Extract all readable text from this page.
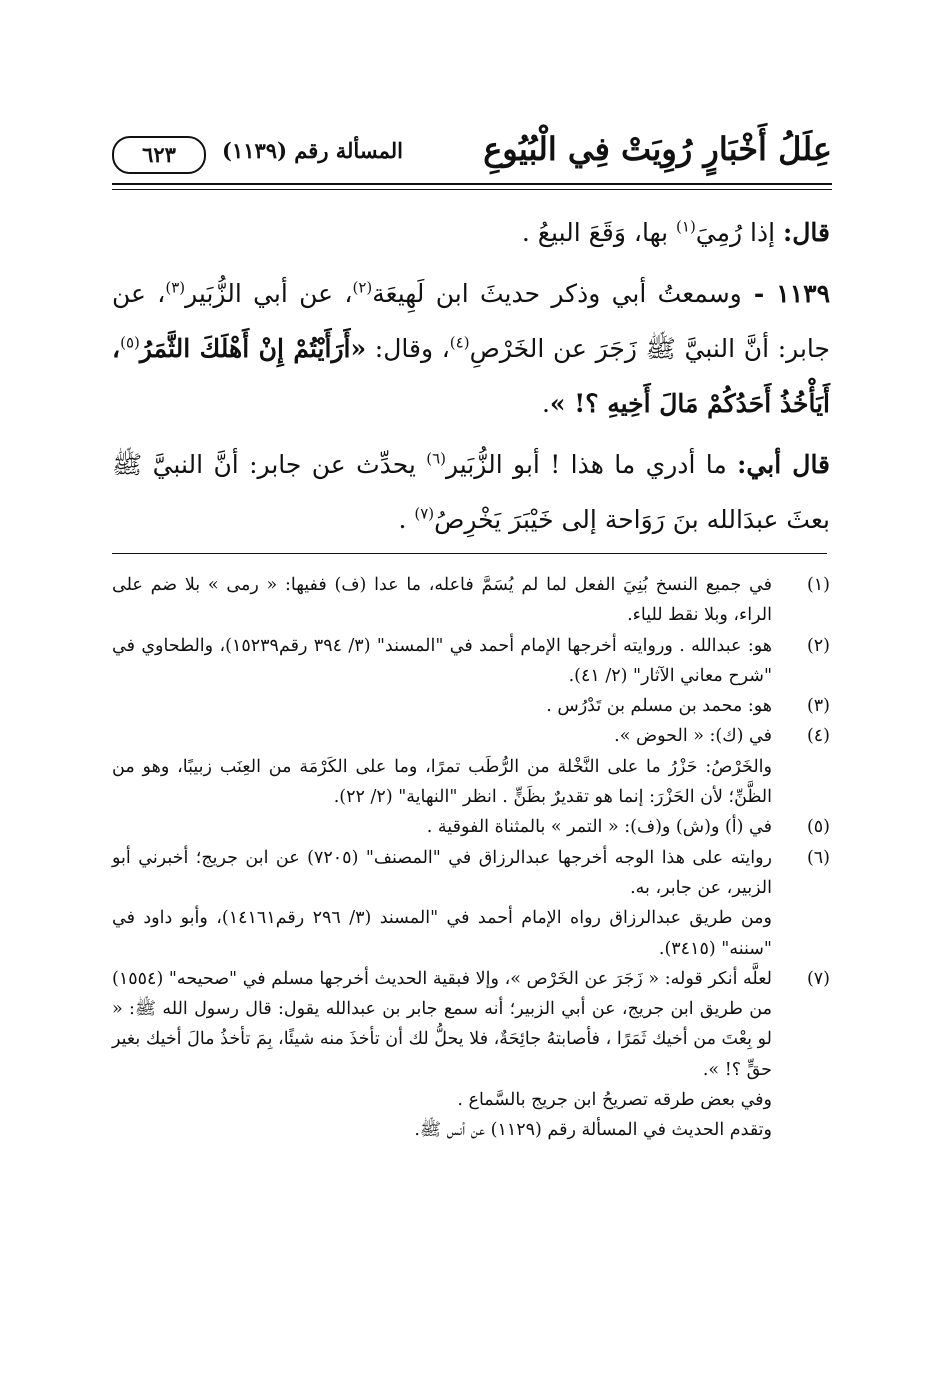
عِلَلُ أَخْبَارٍ رُوِيَتْ فِي الْبُيُوعِ
المسألة رقم (١١٣٩)
٦٢٣

قال: إذا رُمِيَ$^{(١)}$ بها، وَقَعَ البيعُ .

١١٣٩ - وسمعتُ أبي وذكر حديثَ ابن لَهِيعَة$^{(٢)}$، عن أبي الزُّبَير$^{(٣)}$، عن جابر: أنَّ النبيَّ ﷺ زَجَرَ عن الخَرْصِ$^{(٤)}$، وقال: «أَرَأَيْتُمْ إِنْ أَهْلَكَ الثَّمَرُ$^{(٥)}$، أَيَأْخُذُ أَحَدُكُمْ مَالَ أَخِيهِ ؟! ».

قال أبي: ما أدري ما هذا ! أبو الزُّبَير$^{(٦)}$ يحدِّث عن جابر: أنَّ النبيَّ ﷺ بعثَ عبدَالله بنَ رَوَاحة إلى خَيْبَرَ يَخْرِصُ$^{(٧)}$ .

(١)
في جميع النسخ بُنِيَ الفعل لما لم يُسَمَّ فاعله، ما عدا (ف) ففيها: « رمى » بلا ضم على الراء، وبلا نقط للياء.
(٢)
هو: عبدالله . وروايته أخرجها الإمام أحمد في "المسند" (٣/ ٣٩٤ رقم١٥٢٣٩)، والطحاوي في "شرح معاني الآثار" (٢/ ٤١).
(٣)
هو: محمد بن مسلم بن تَدْرُس .
(٤)
في (ك): « الحوض ».
والخَرْصُ: حَزْرُ ما على النَّخْلة من الرُّطَب تمرًا، وما على الكَرْمَة من العِنَب زبيبًا، وهو من الظَّنِّ؛ لأن الحَزْرَ: إنما هو تقديرٌ بظَنٍّ . انظر "النهاية" (٢/ ٢٢).
(٥)
في (أ) و(ش) و(ف): « التمر » بالمثناة الفوقية .
(٦)
روايته على هذا الوجه أخرجها عبدالرزاق في "المصنف" (٧٢٠٥) عن ابن جريج؛ أخبرني أبو الزبير، عن جابر، به.
ومن طريق عبدالرزاق رواه الإمام أحمد في "المسند (٣/ ٢٩٦ رقم١٤١٦١)، وأبو داود في "سننه" (٣٤١٥).
(٧)
لعلَّه أنكر قوله: « زَجَرَ عن الخَرْص »، وإلا فبقية الحديث أخرجها مسلم في "صحيحه" (١٥٥٤) من طريق ابن جريج، عن أبي الزبير؛ أنه سمع جابر بن عبدالله يقول: قال رسول الله ﷺ: « لو بِعْتَ من أخيك ثَمَرًا ، فأصابتهُ جائِحَةٌ، فلا يحلُّ لك أن تأخذَ منه شيئًا، بِمَ تأخذُ مالَ أخيك بغير حقٍّ ؟! ».
وفي بعض طرقه تصريحُ ابن جريج بالسَّماع .
وتقدم الحديث في المسألة رقم (١١٢٩) عن أنس ﷺ.
